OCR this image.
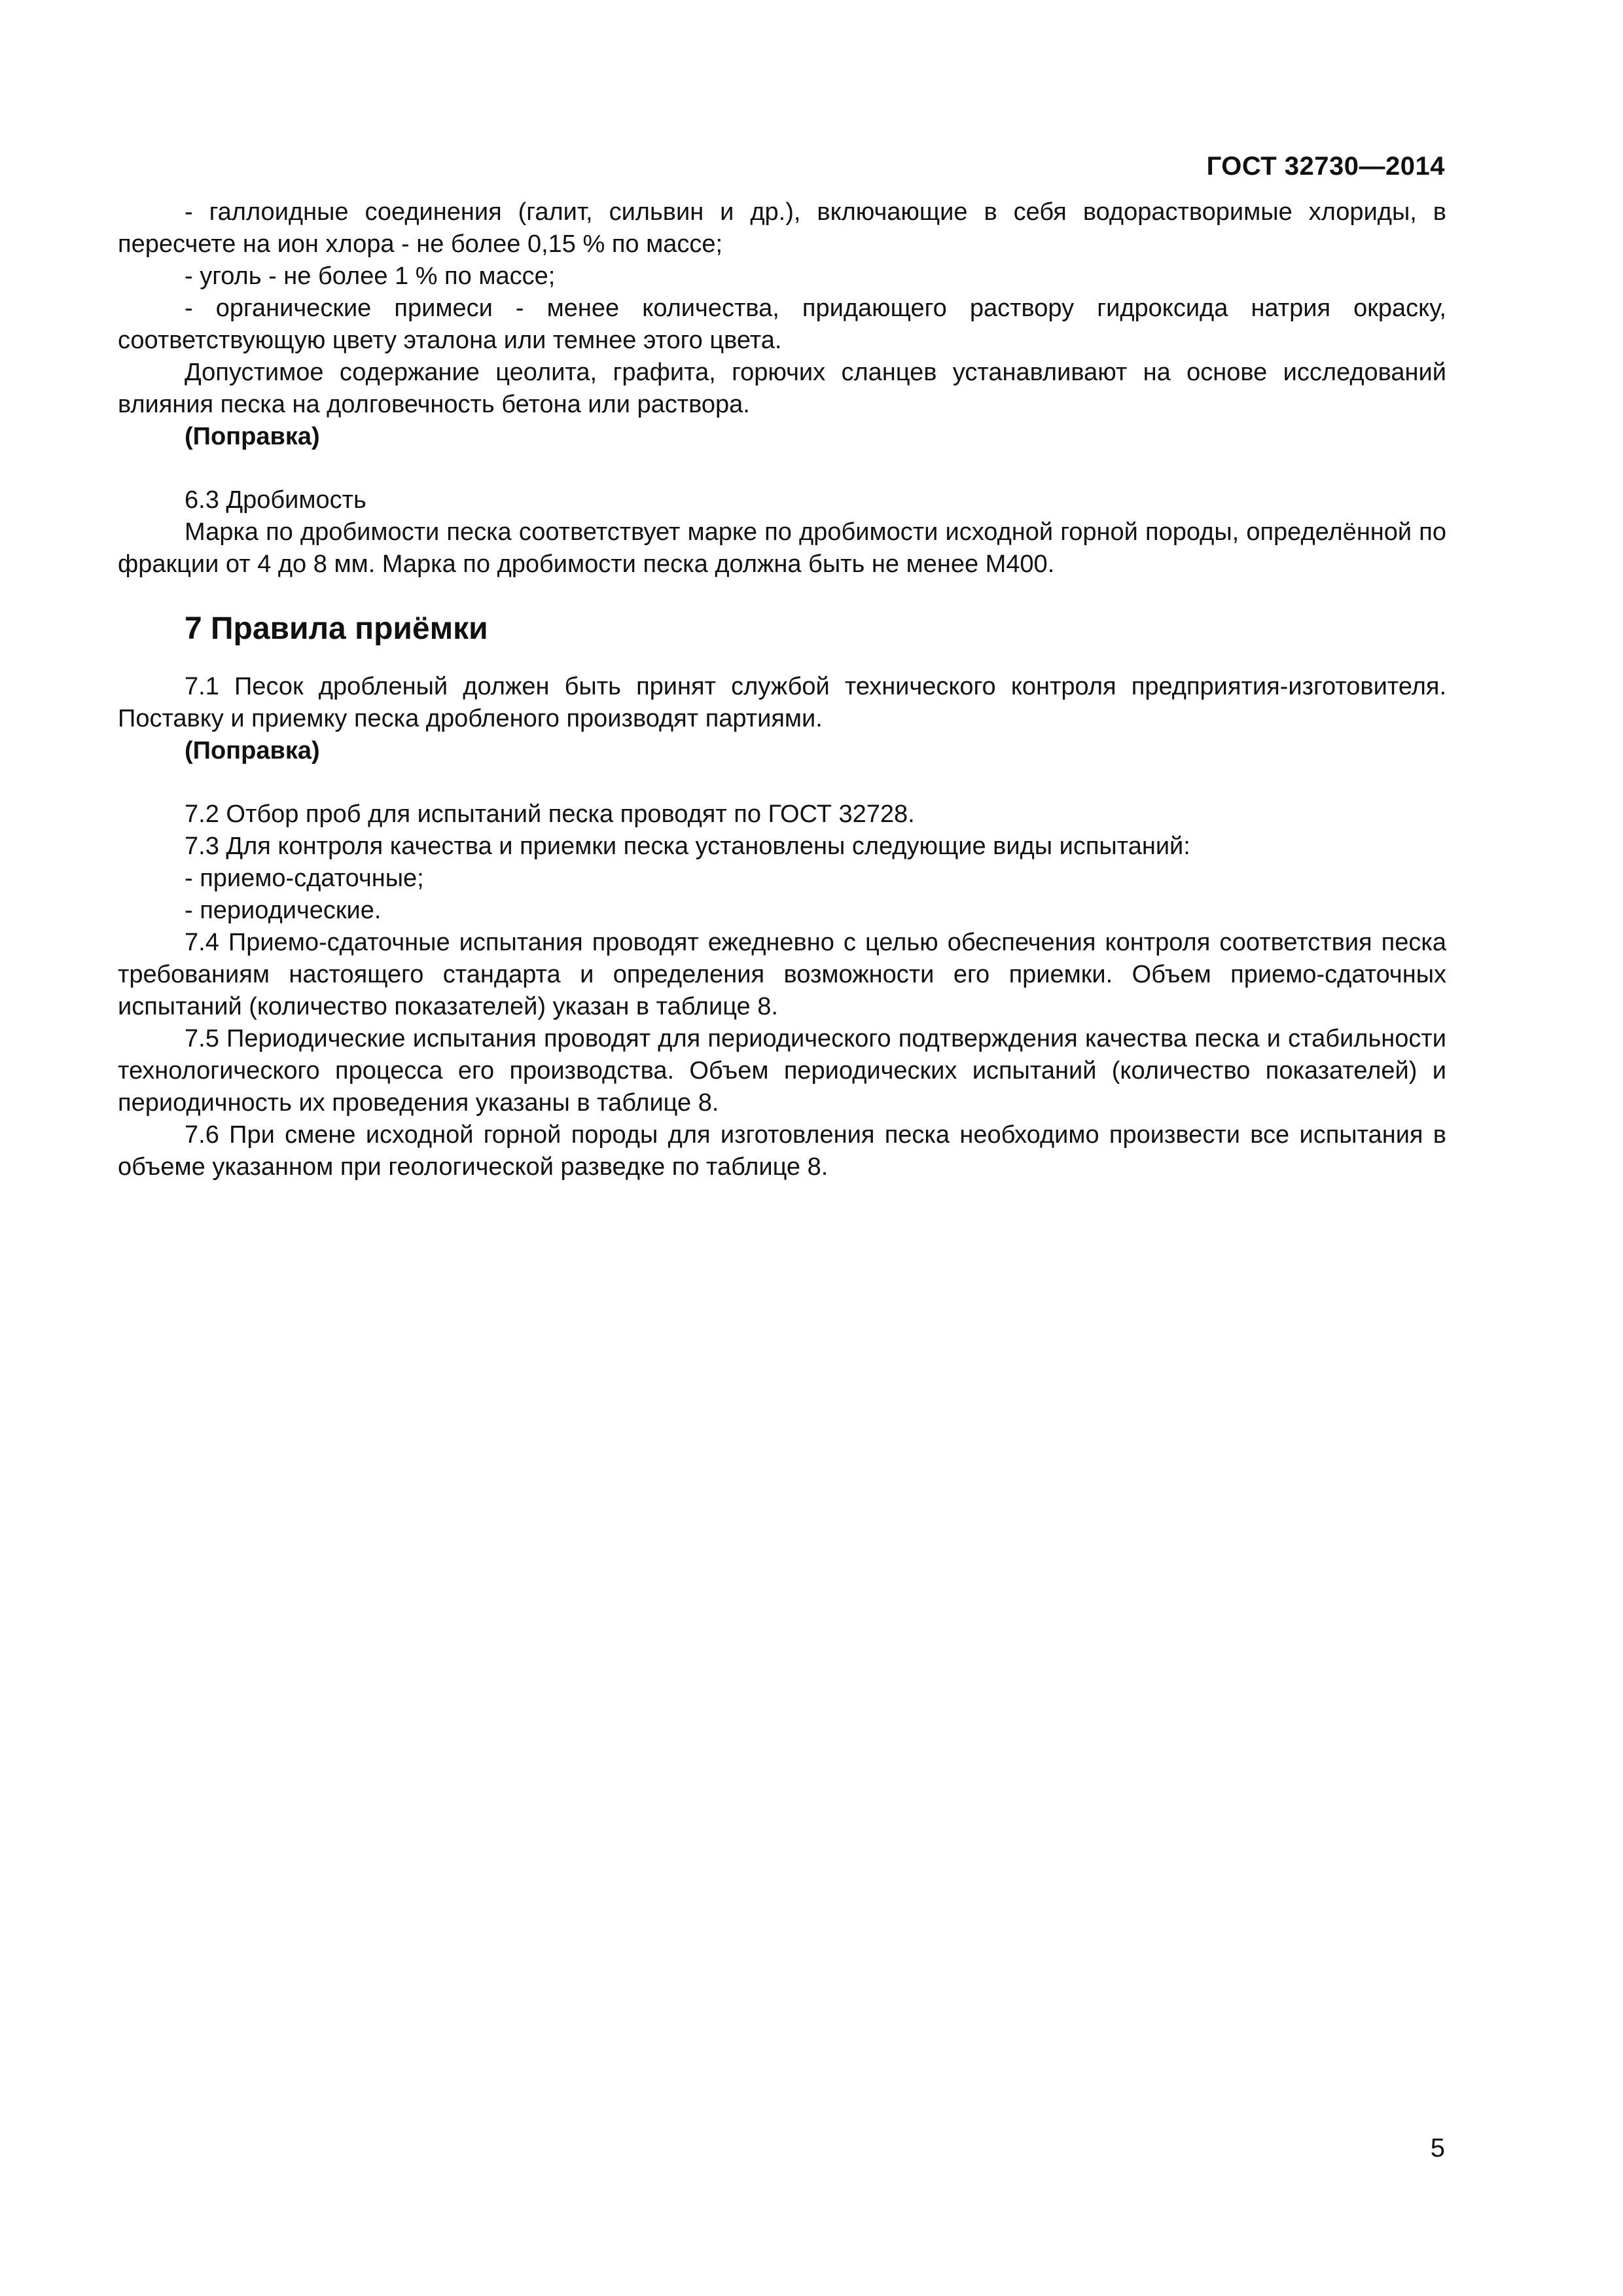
ГОСТ 32730—2014

- галлоидные соединения (галит, сильвин и др.), включающие в себя водорастворимые хлориды, в пересчете на ион хлора - не более 0,15 % по массе;

- уголь - не более 1 % по массе;

- органические примеси - менее количества, придающего раствору гидроксида натрия окраску, соответствующую цвету эталона или темнее этого цвета.

Допустимое содержание цеолита, графита, горючих сланцев устанавливают на основе исследований влияния песка на долговечность бетона или раствора.

(Поправка)

6.3 Дробимость

Марка по дробимости песка соответствует марке по дробимости исходной горной породы, определённой по фракции от 4 до 8 мм. Марка по дробимости песка должна быть не менее М400.

7 Правила приёмки

7.1 Песок дробленый должен быть принят службой технического контроля предприятия-изготовителя. Поставку и приемку песка дробленого производят партиями.

(Поправка)

7.2 Отбор проб для испытаний песка проводят по ГОСТ 32728.

7.3 Для контроля качества и приемки песка установлены следующие виды испытаний:

- приемо-сдаточные;

- периодические.

7.4 Приемо-сдаточные испытания проводят ежедневно с целью обеспечения контроля соответствия песка требованиям настоящего стандарта и определения возможности его приемки. Объем приемо-сдаточных испытаний (количество показателей) указан в таблице 8.

7.5 Периодические испытания проводят для периодического подтверждения качества песка и стабильности технологического процесса его производства. Объем периодических испытаний (количество показателей) и периодичность их проведения указаны в таблице 8.

7.6 При смене исходной горной породы для изготовления песка необходимо произвести все испытания в объеме указанном при геологической разведке по таблице 8.

5
